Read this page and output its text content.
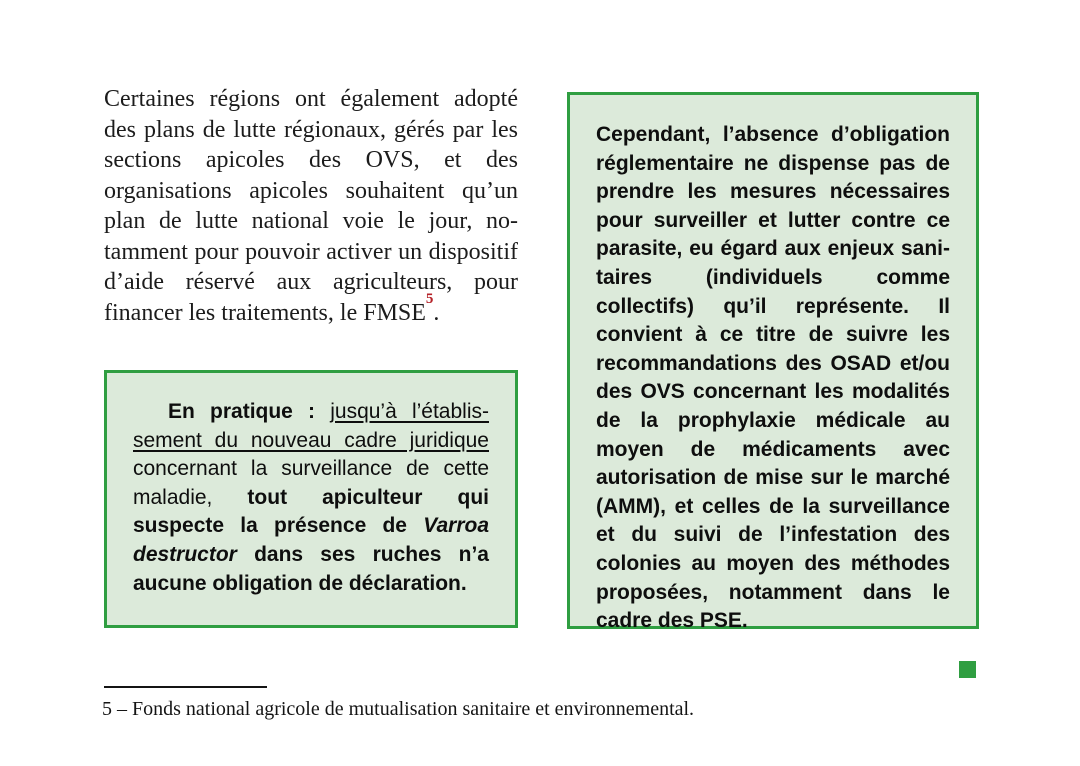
Certaines régions ont également adopté des plans de lutte régionaux, gérés par les sections apicoles des OVS, et des organisations apicoles souhaitent qu’un plan de lutte national voie le jour, notamment pour pouvoir activer un dispositif d’aide réservé aux agriculteurs, pour financer les traitements, le FMSE$^5$.

En pratique : jusqu’à l’établissement du nouveau cadre juridique concernant la surveillance de cette maladie, tout apiculteur qui suspecte la présence de Varroa destructor dans ses ruches n’a aucune obligation de déclaration.

Cependant, l’absence d’obligation réglementaire ne dispense pas de prendre les mesures nécessaires pour surveiller et lutter contre ce parasite, eu égard aux enjeux sanitaires (individuels comme collectifs) qu’il représente. Il convient à ce titre de suivre les recommandations des OSAD et/ou des OVS concernant les modalités de la prophylaxie médicale au moyen de médicaments avec autorisation de mise sur le marché (AMM), et celles de la surveillance et du suivi de l’infestation des colonies au moyen des méthodes proposées, notamment dans le cadre des PSE.

5 – Fonds national agricole de mutualisation sanitaire et environnemental.
